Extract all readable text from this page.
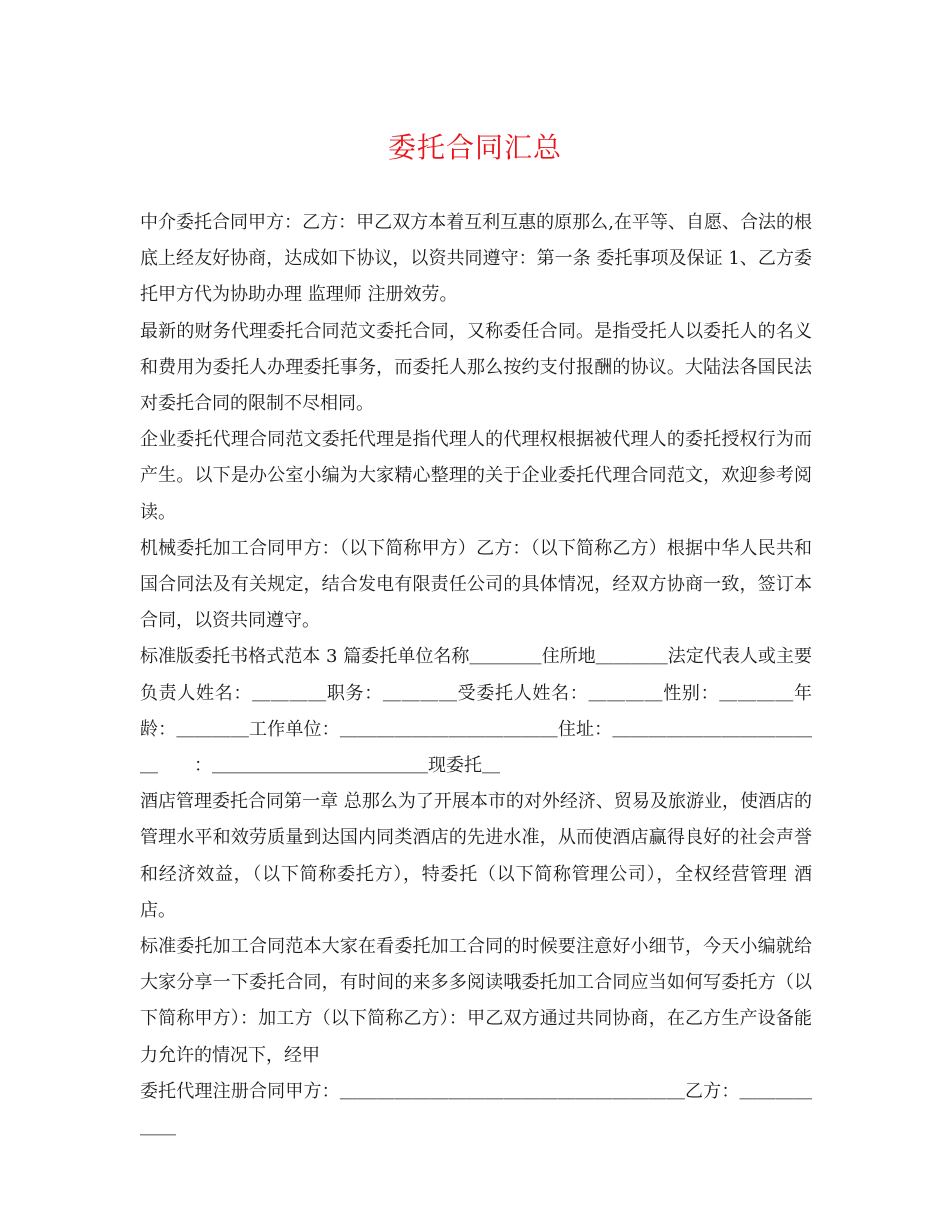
委托合同汇总

中介委托合同甲方：乙方：甲乙双方本着互利互惠的原那么,在平等、自愿、合法的根底上经友好协商，达成如下协议，以资共同遵守：第一条 委托事项及保证 1、乙方委托甲方代为协助办理 监理师 注册效劳。

最新的财务代理委托合同范文委托合同，又称委任合同。是指受托人以委托人的名义和费用为委托人办理委托事务，而委托人那么按约支付报酬的协议。大陆法各国民法对委托合同的限制不尽相同。

企业委托代理合同范文委托代理是指代理人的代理权根据被代理人的委托授权行为而产生。以下是办公室小编为大家精心整理的关于企业委托代理合同范文，欢迎参考阅读。

机械委托加工合同甲方：（以下简称甲方）乙方：（以下简称乙方）根据中华人民共和国合同法及有关规定，结合发电有限责任公司的具体情况，经双方协商一致，签订本合同，以资共同遵守。

标准版委托书格式范本 3 篇委托单位名称＿＿＿＿住所地＿＿＿＿法定代表人或主要负责人姓名：＿＿＿＿职务：＿＿＿＿受委托人姓名：＿＿＿＿性别：＿＿＿＿年龄：＿＿＿＿工作单位：＿＿＿＿＿＿＿＿＿＿＿＿住址：＿＿＿＿＿＿＿＿＿＿＿＿　　：＿＿＿＿＿＿＿＿＿＿＿＿现委托＿

酒店管理委托合同第一章 总那么为了开展本市的对外经济、贸易及旅游业，使酒店的管理水平和效劳质量到达国内同类酒店的先进水准，从而使酒店赢得良好的社会声誉和经济效益，（以下简称委托方），特委托（以下简称管理公司），全权经营管理 酒店。

标准委托加工合同范本大家在看委托加工合同的时候要注意好小细节，今天小编就给大家分享一下委托合同，有时间的来多多阅读哦委托加工合同应当如何写委托方（以下简称甲方）：加工方（以下简称乙方）：甲乙双方通过共同协商，在乙方生产设备能力允许的情况下，经甲

委托代理注册合同甲方：＿＿＿＿＿＿＿＿＿＿＿＿＿＿＿＿＿＿＿乙方：＿＿＿＿＿＿
